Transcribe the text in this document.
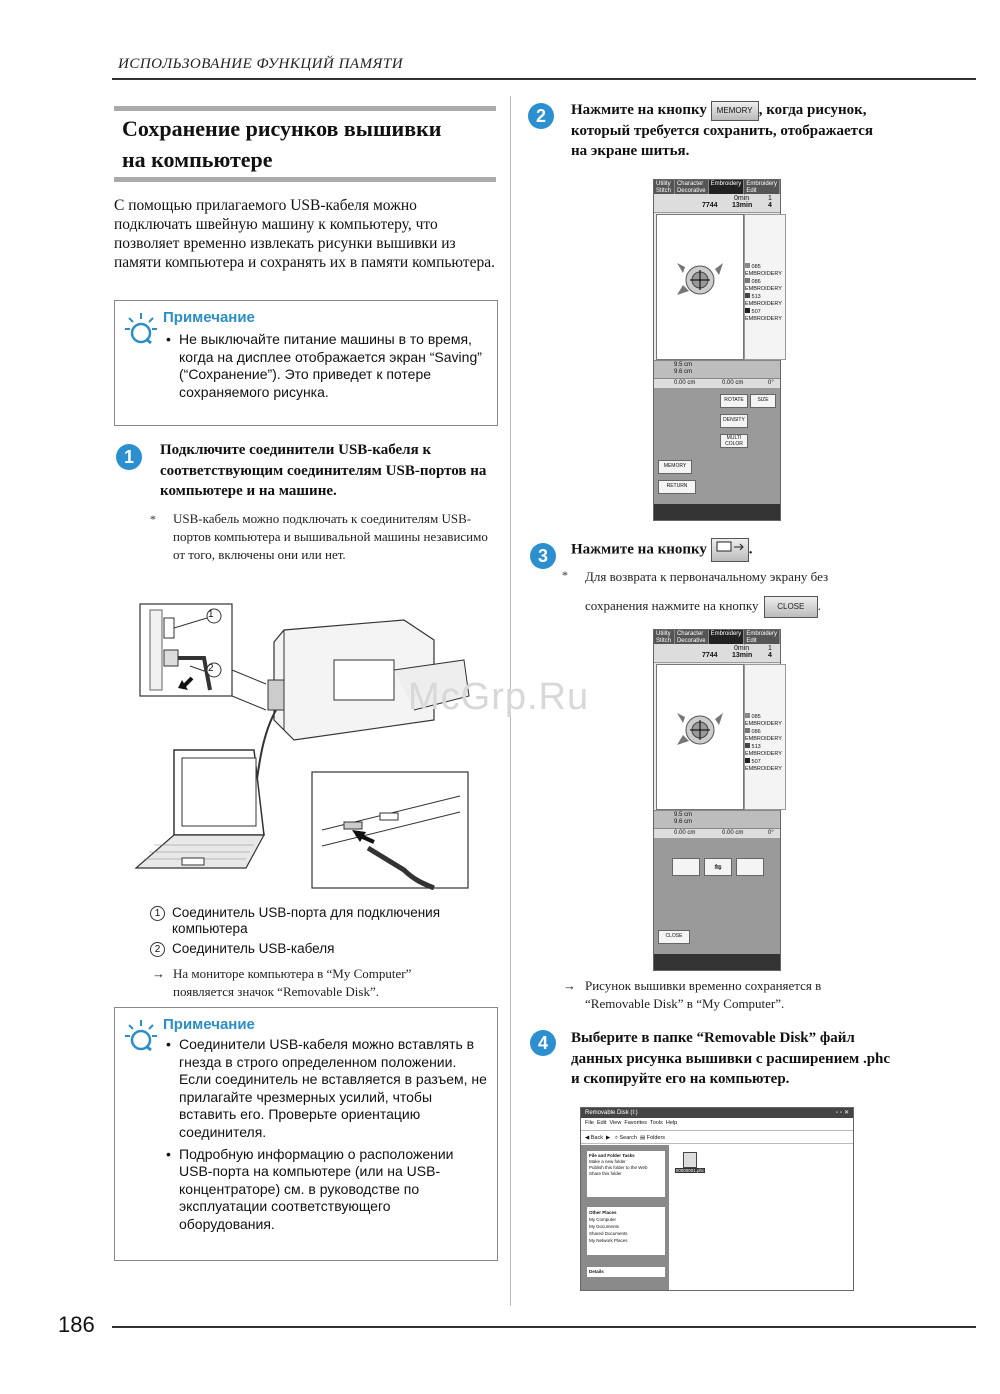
ИСПОЛЬЗОВАНИЕ ФУНКЦИЙ ПАМЯТИ
Сохранение рисунков вышивки
на компьютере
С помощью прилагаемого USB-кабеля можно подключать швейную машину к компьютеру, что позволяет временно извлекать рисунки вышивки из памяти компьютера и сохранять их в памяти компьютера.
Примечание
• Не выключайте питание машины в то время, когда на дисплее отображается экран “Saving” (“Сохранение”). Это приведет к потере сохраняемого рисунка.
1	Подключите соединители USB-кабеля к соответствующим соединителям USB-портов на компьютере и на машине.
* USB-кабель можно подключать к соединителям USB-портов компьютера и вышивальной машины независимо от того, включены они или нет.
1
2
1 Соединитель USB-порта для подключения компьютера
2 Соединитель USB-кабеля
→ На мониторе компьютера в “My Computer” появляется значок “Removable Disk”.
Примечание
• Соединители USB-кабеля можно вставлять в гнезда в строго определенном положении. Если соединитель не вставляется в разъем, не прилагайте чрезмерных усилий, чтобы вставить его. Проверьте ориентацию соединителя.
• Подробную информацию о расположении USB-порта на компьютере (или на USB-концентраторе) см. в руководстве по эксплуатации соответствующего оборудования.
2	Нажмите на кнопку MEMORY , когда рисунок,
который требуется сохранить, отображается
на экране шитья.
Utility Stitch
Character Decorative
Embroidery Embroidery Edit
7744
0min
13min
1
4
085
EMBROIDERY
086
EMBROIDERY
513
EMBROIDERY
507
EMBROIDERY
9.5 cm
9.6 cm
0.00 cm	0.00 cm	0°
ROTATE	SIZE
DENSITY
MULTI COLOR
MEMORY
RETURN
3	Нажмите на кнопку	.
* Для возврата к первоначальному экрану без
сохранения нажмите на кнопку CLOSE .
Utility Stitch
Character Decorative
Embroidery Embroidery Edit
7744
0min
13min
1
4
085
EMBROIDERY
086
EMBROIDERY
513
EMBROIDERY
507
EMBROIDERY
9.5 cm
9.6 cm
0.00 cm	0.00 cm	0°
⇋
CLOSE
→ Рисунок вышивки временно сохраняется в “Removable Disk” в “My Computer”.
4	Выберите в папке “Removable Disk” файл данных рисунка вышивки с расширением .phc и скопируйте его на компьютер.
Removable Disk (I:)	▫▫✕
File Edit View Favorites Tools Help
◀ Back  ▶   ⌕ Search ▤ Folders
File and Folder Tasks
Make a new folder
Publish this folder to the Web
Share this folder
Other Places
My Computer
My Documents
Shared Documents
My Network Places
Details
00000001.phc
McGrp.Ru
186
